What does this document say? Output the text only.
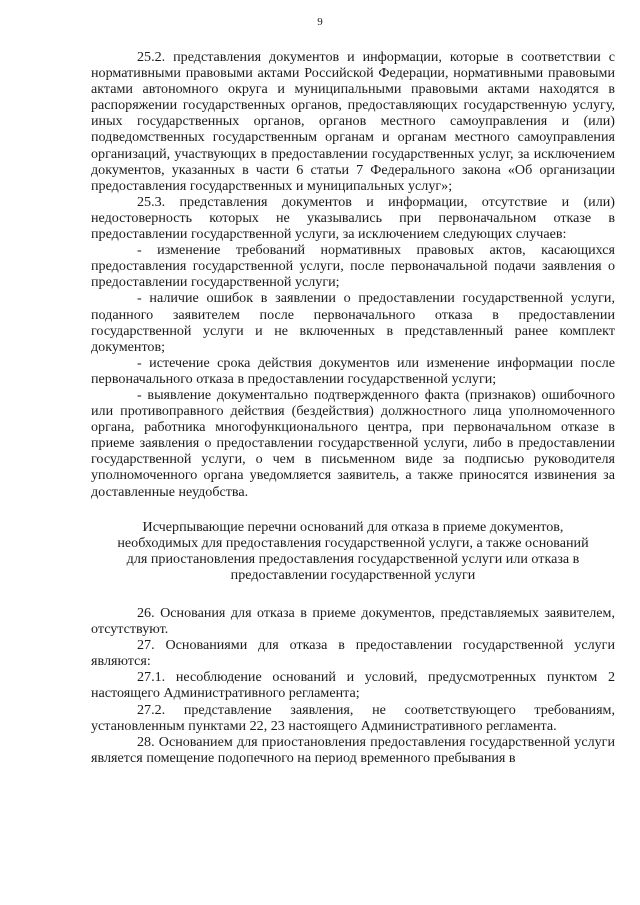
9

25.2. представления документов и информации, которые в соответствии с нормативными правовыми актами Российской Федерации, нормативными правовыми актами автономного округа и муниципальными правовыми актами находятся в распоряжении государственных органов, предоставляющих государственную услугу, иных государственных органов, органов местного самоуправления и (или) подведомственных государственным органам и органам местного самоуправления организаций, участвующих в предоставлении государственных услуг, за исключением документов, указанных в части 6 статьи 7 Федерального закона «Об организации предоставления государственных и муниципальных услуг»;

25.3. представления документов и информации, отсутствие и (или) недостоверность которых не указывались при первоначальном отказе в предоставлении государственной услуги, за исключением следующих случаев:

- изменение требований нормативных правовых актов, касающихся предоставления государственной услуги, после первоначальной подачи заявления о предоставлении государственной услуги;

- наличие ошибок в заявлении о предоставлении государственной услуги, поданного заявителем после первоначального отказа в предоставлении государственной услуги и не включенных в представленный ранее комплект документов;

- истечение срока действия документов или изменение информации после первоначального отказа в предоставлении государственной услуги;

- выявление документально подтвержденного факта (признаков) ошибочного или противоправного действия (бездействия) должностного лица уполномоченного органа, работника многофункционального центра, при первоначальном отказе в приеме заявления о предоставлении государственной услуги, либо в предоставлении государственной услуги, о чем в письменном виде за подписью руководителя уполномоченного органа уведомляется заявитель, а также приносятся извинения за доставленные неудобства.

Исчерпывающие перечни оснований для отказа в приеме документов,
необходимых для предоставления государственной услуги, а также оснований
для приостановления предоставления государственной услуги или отказа в
предоставлении государственной услуги

26. Основания для отказа в приеме документов, представляемых заявителем, отсутствуют.

27. Основаниями для отказа в предоставлении государственной услуги являются:

27.1. несоблюдение оснований и условий, предусмотренных пунктом 2 настоящего Административного регламента;

27.2. представление заявления, не соответствующего требованиям, установленным пунктами 22, 23 настоящего Административного регламента.

28. Основанием для приостановления предоставления государственной услуги является помещение подопечного на период временного пребывания в
